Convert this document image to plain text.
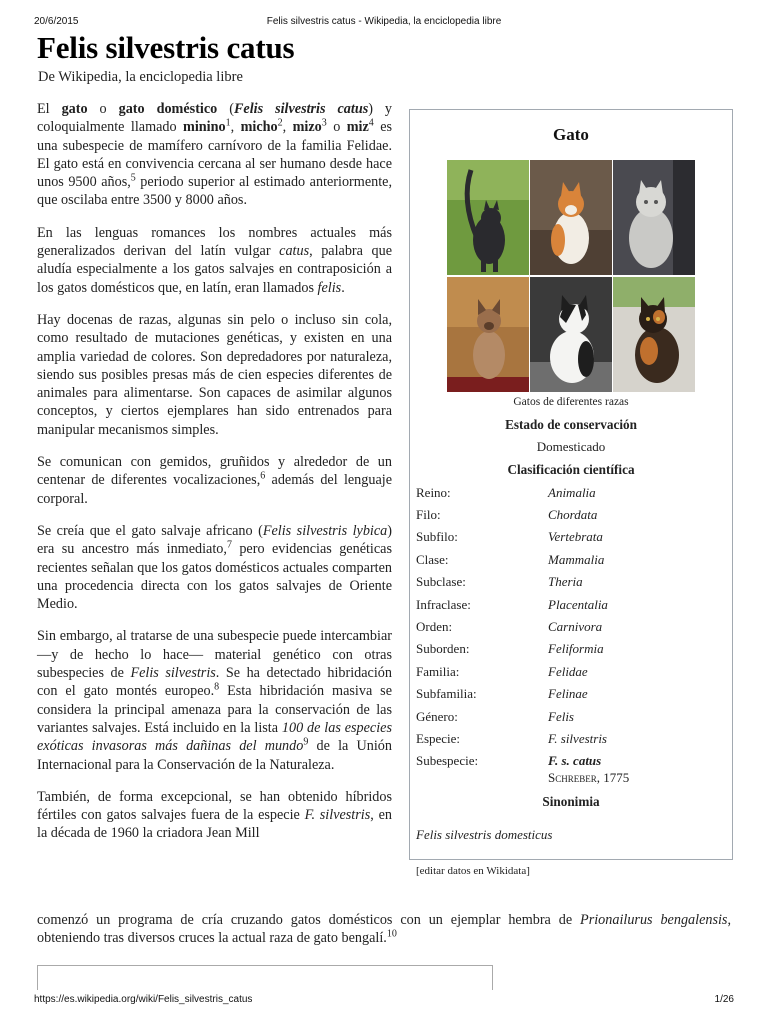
20/6/2015	Felis silvestris catus - Wikipedia, la enciclopedia libre
Felis silvestris catus
De Wikipedia, la enciclopedia libre

El gato o gato doméstico (Felis silvestris catus) y coloquialmente llamado minino$^1$, micho$^2$, mizo$^3$ o miz$^4$ es una subespecie de mamífero carnívoro de la familia Felidae. El gato está en convivencia cercana al ser humano desde hace unos 9500 años,$^5$ periodo superior al estimado anteriormente, que oscilaba entre 3500 y 8000 años.

En las lenguas romances los nombres actuales más generalizados derivan del latín vulgar catus, palabra que aludía especialmente a los gatos salvajes en contraposición a los gatos domésticos que, en latín, eran llamados felis.

Hay docenas de razas, algunas sin pelo o incluso sin cola, como resultado de mutaciones genéticas, y existen en una amplia variedad de colores. Son depredadores por naturaleza, siendo sus posibles presas más de cien especies diferentes de animales para alimentarse. Son capaces de asimilar algunos conceptos, y ciertos ejemplares han sido entrenados para manipular mecanismos simples.

Se comunican con gemidos, gruñidos y alrededor de un centenar de diferentes vocalizaciones,$^6$ además del lenguaje corporal.

Se creía que el gato salvaje africano (Felis silvestris lybica) era su ancestro más inmediato,$^7$ pero evidencias genéticas recientes señalan que los gatos domésticos actuales comparten una procedencia directa con los gatos salvajes de Oriente Medio.

Sin embargo, al tratarse de una subespecie puede intercambiar —y de hecho lo hace— material genético con otras subespecies de Felis silvestris. Se ha detectado hibridación con el gato montés europeo.$^8$ Esta hibridación masiva se considera la principal amenaza para la conservación de las variantes salvajes. Está incluido en la lista 100 de las especies exóticas invasoras más dañinas del mundo$^9$ de la Unión Internacional para la Conservación de la Naturaleza.

También, de forma excepcional, se han obtenido híbridos fértiles con gatos salvajes fuera de la especie F. silvestris, en la década de 1960 la criadora Jean Mill

comenzó un programa de cría cruzando gatos domésticos con un ejemplar hembra de Prionailurus bengalensis, obteniendo tras diversos cruces la actual raza de gato bengalí.$^{10}$
Gato
Gatos de diferentes razas
Estado de conservación
Domesticado
Clasificación científica
Reino:	Animalia
Filo:	Chordata
Subfilo:	Vertebrata
Clase:	Mammalia
Subclase:	Theria
Infraclase:	Placentalia
Orden:	Carnivora
Suborden:	Feliformia
Familia:	Felidae
Subfamilia:	Felinae
Género:	Felis
Especie:	F. silvestris
Subespecie:	F. s. catus
Schreber, 1775
Sinonimia
Felis silvestris domesticus
[editar datos en Wikidata]
https://es.wikipedia.org/wiki/Felis_silvestris_catus	1/26
